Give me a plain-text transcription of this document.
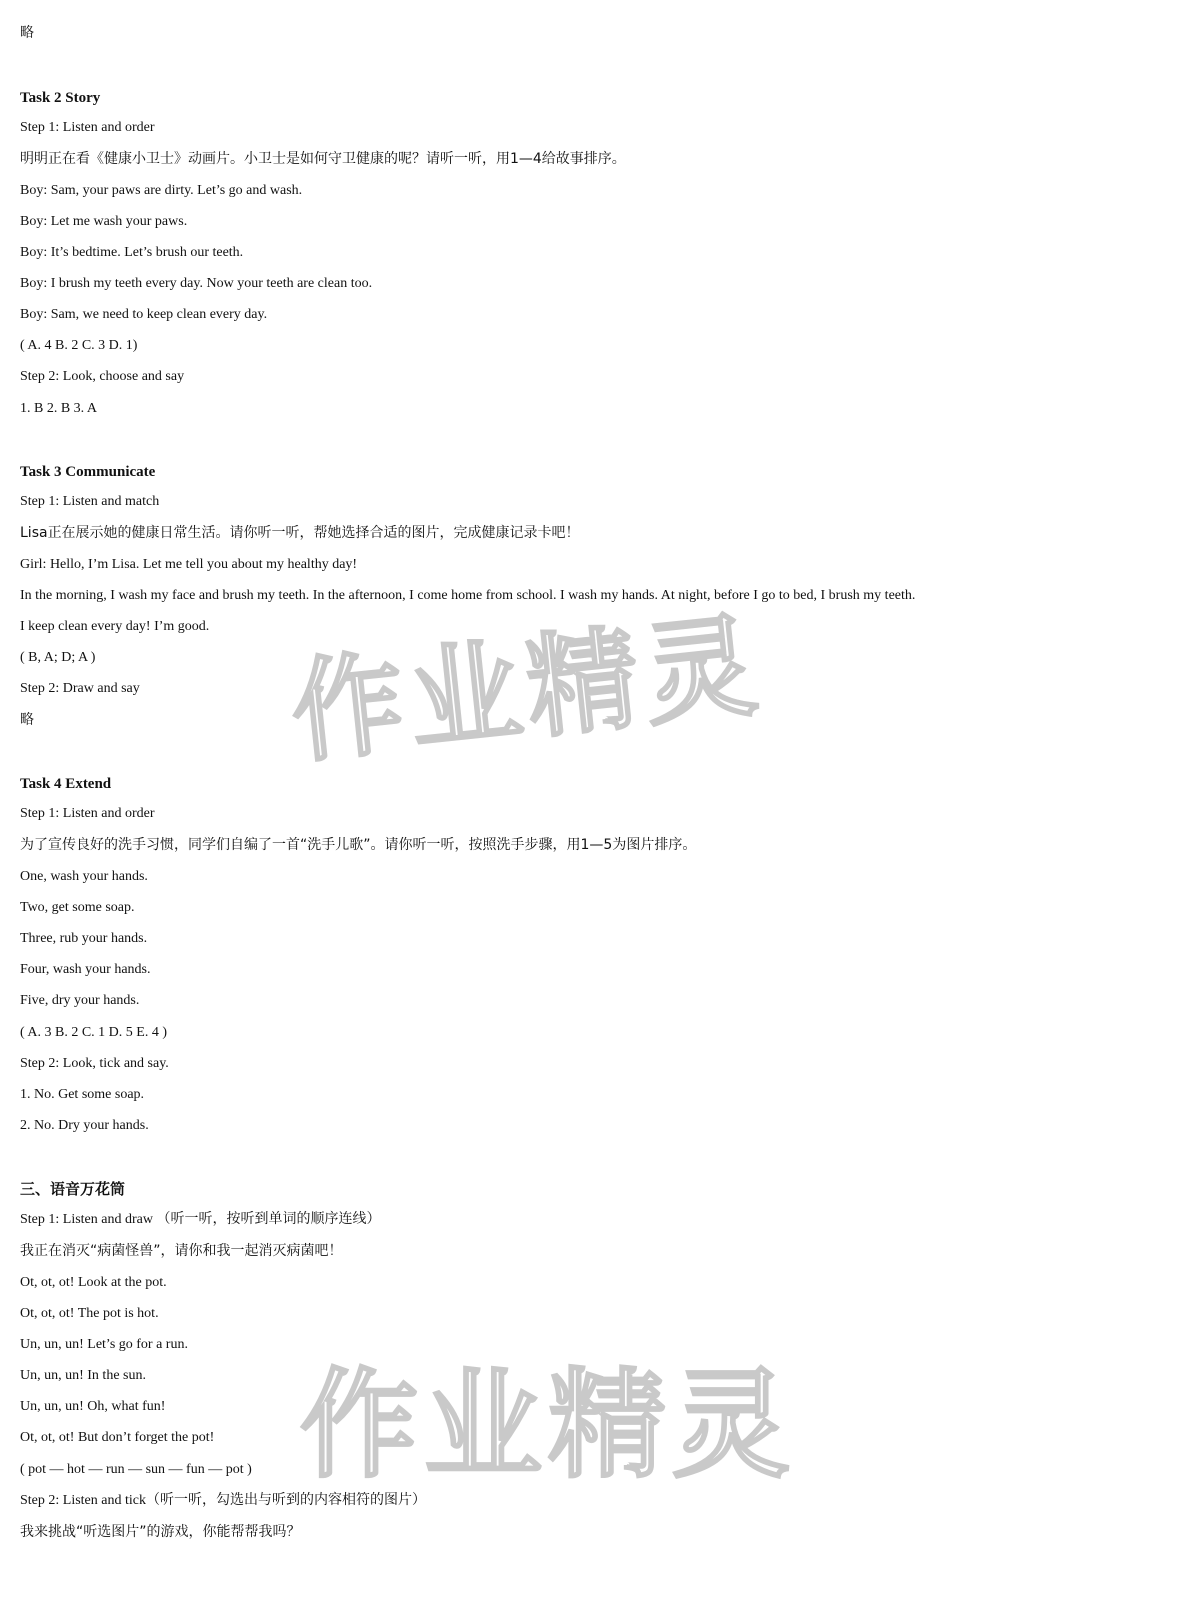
略
Task 2 Story
Step 1: Listen and order
明明正在看《健康小卫士》动画片。小卫士是如何守卫健康的呢？请听一听，用1—4给故事排序。
Boy: Sam, your paws are dirty. Let’s go and wash.
Boy: Let me wash your paws.
Boy: It’s bedtime. Let’s brush our teeth.
Boy: I brush my teeth every day. Now your teeth are clean too.
Boy: Sam, we need to keep clean every day.
( A. 4 B. 2 C. 3 D. 1)
Step 2: Look, choose and say
1. B 2. B 3. A
Task 3 Communicate
Step 1: Listen and match
Lisa正在展示她的健康日常生活。请你听一听，帮她选择合适的图片，完成健康记录卡吧！
Girl: Hello, I’m Lisa. Let me tell you about my healthy day!
In the morning, I wash my face and brush my teeth. In the afternoon, I come home from school. I wash my hands. At night, before I go to bed, I brush my teeth.
I keep clean every day! I’m good.
( B, A; D; A )
Step 2: Draw and say
略
Task 4 Extend
Step 1: Listen and order
为了宣传良好的洗手习惯，同学们自编了一首“洗手儿歌”。请你听一听，按照洗手步骤，用1—5为图片排序。
One, wash your hands.
Two, get some soap.
Three, rub your hands.
Four, wash your hands.
Five, dry your hands.
( A. 3 B. 2 C. 1 D. 5 E. 4 )
Step 2: Look, tick and say.
1. No. Get some soap.
2. No. Dry your hands.
三、语音万花筒
Step 1: Listen and draw （听一听，按听到单词的顺序连线）
我正在消灭“病菌怪兽”，请你和我一起消灭病菌吧！
Ot, ot, ot! Look at the pot.
Ot, ot, ot! The pot is hot.
Un, un, un! Let’s go for a run.
Un, un, un! In the sun.
Un, un, un! Oh, what fun!
Ot, ot, ot! But don’t forget the pot!
( pot — hot — run — sun — fun — pot )
Step 2: Listen and tick（听一听，勾选出与听到的内容相符的图片）
我来挑战“听选图片”的游戏，你能帮帮我吗？
作业精灵
作业精灵
